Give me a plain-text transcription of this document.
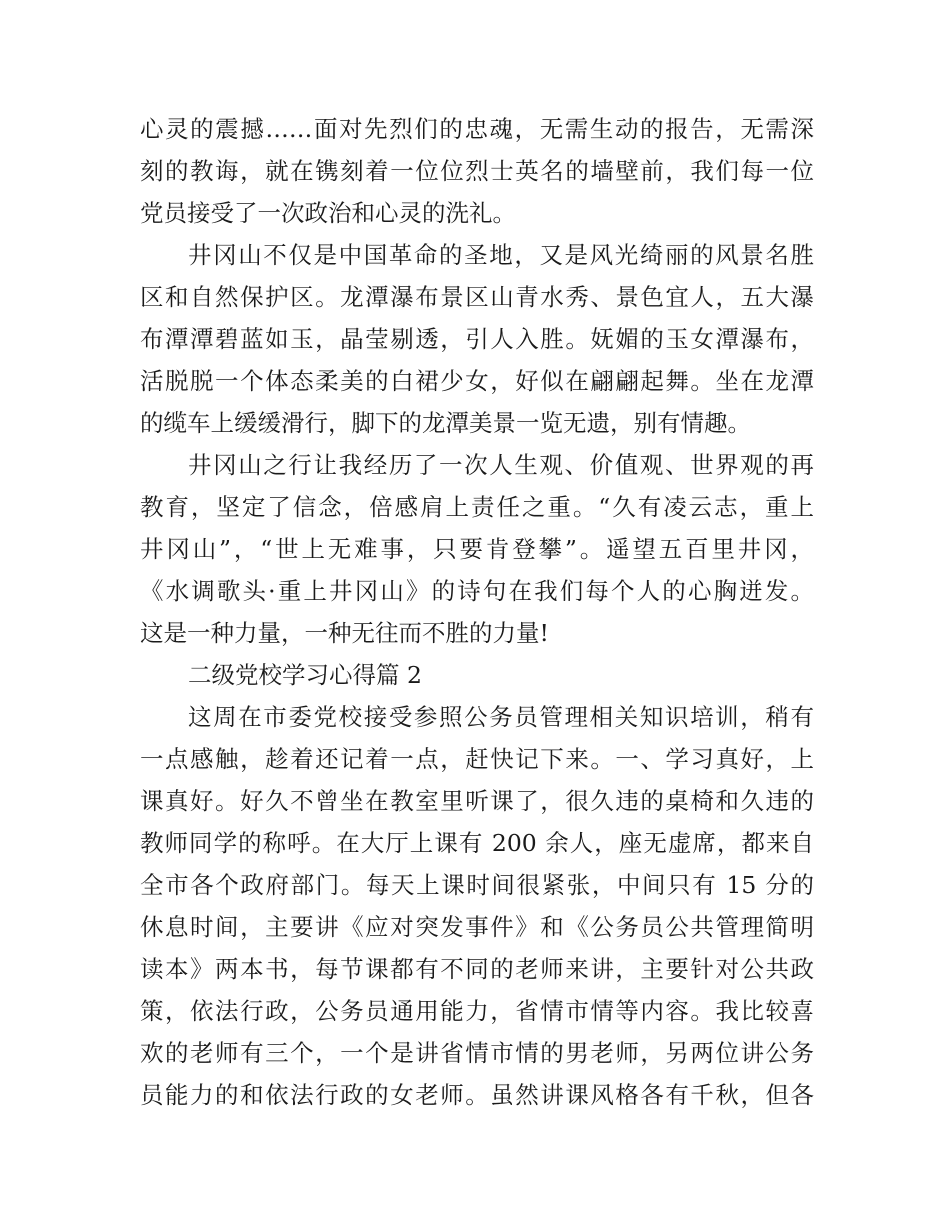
心灵的震撼……面对先烈们的忠魂，无需生动的报告，无需深
刻的教诲，就在镌刻着一位位烈士英名的墙壁前，我们每一位
党员接受了一次政治和心灵的洗礼。
井冈山不仅是中国革命的圣地，又是风光绮丽的风景名胜
区和自然保护区。龙潭瀑布景区山青水秀、景色宜人，五大瀑
布潭潭碧蓝如玉，晶莹剔透，引人入胜。妩媚的玉女潭瀑布，
活脱脱一个体态柔美的白裙少女，好似在翩翩起舞。坐在龙潭
的缆车上缓缓滑行，脚下的龙潭美景一览无遗，别有情趣。
井冈山之行让我经历了一次人生观、价值观、世界观的再
教育，坚定了信念，倍感肩上责任之重。“久有凌云志，重上
井冈山”，“世上无难事，只要肯登攀”。遥望五百里井冈，
《水调歌头·重上井冈山》的诗句在我们每个人的心胸迸发。
这是一种力量，一种无往而不胜的力量!
二级党校学习心得篇 2
这周在市委党校接受参照公务员管理相关知识培训，稍有
一点感触，趁着还记着一点，赶快记下来。一、学习真好，上
课真好。好久不曾坐在教室里听课了，很久违的桌椅和久违的
教师同学的称呼。在大厅上课有 200 余人，座无虚席，都来自
全市各个政府部门。每天上课时间很紧张，中间只有 15 分的
休息时间，主要讲《应对突发事件》和《公务员公共管理简明
读本》两本书，每节课都有不同的老师来讲，主要针对公共政
策，依法行政，公务员通用能力，省情市情等内容。我比较喜
欢的老师有三个，一个是讲省情市情的男老师，另两位讲公务
员能力的和依法行政的女老师。虽然讲课风格各有千秋，但各
